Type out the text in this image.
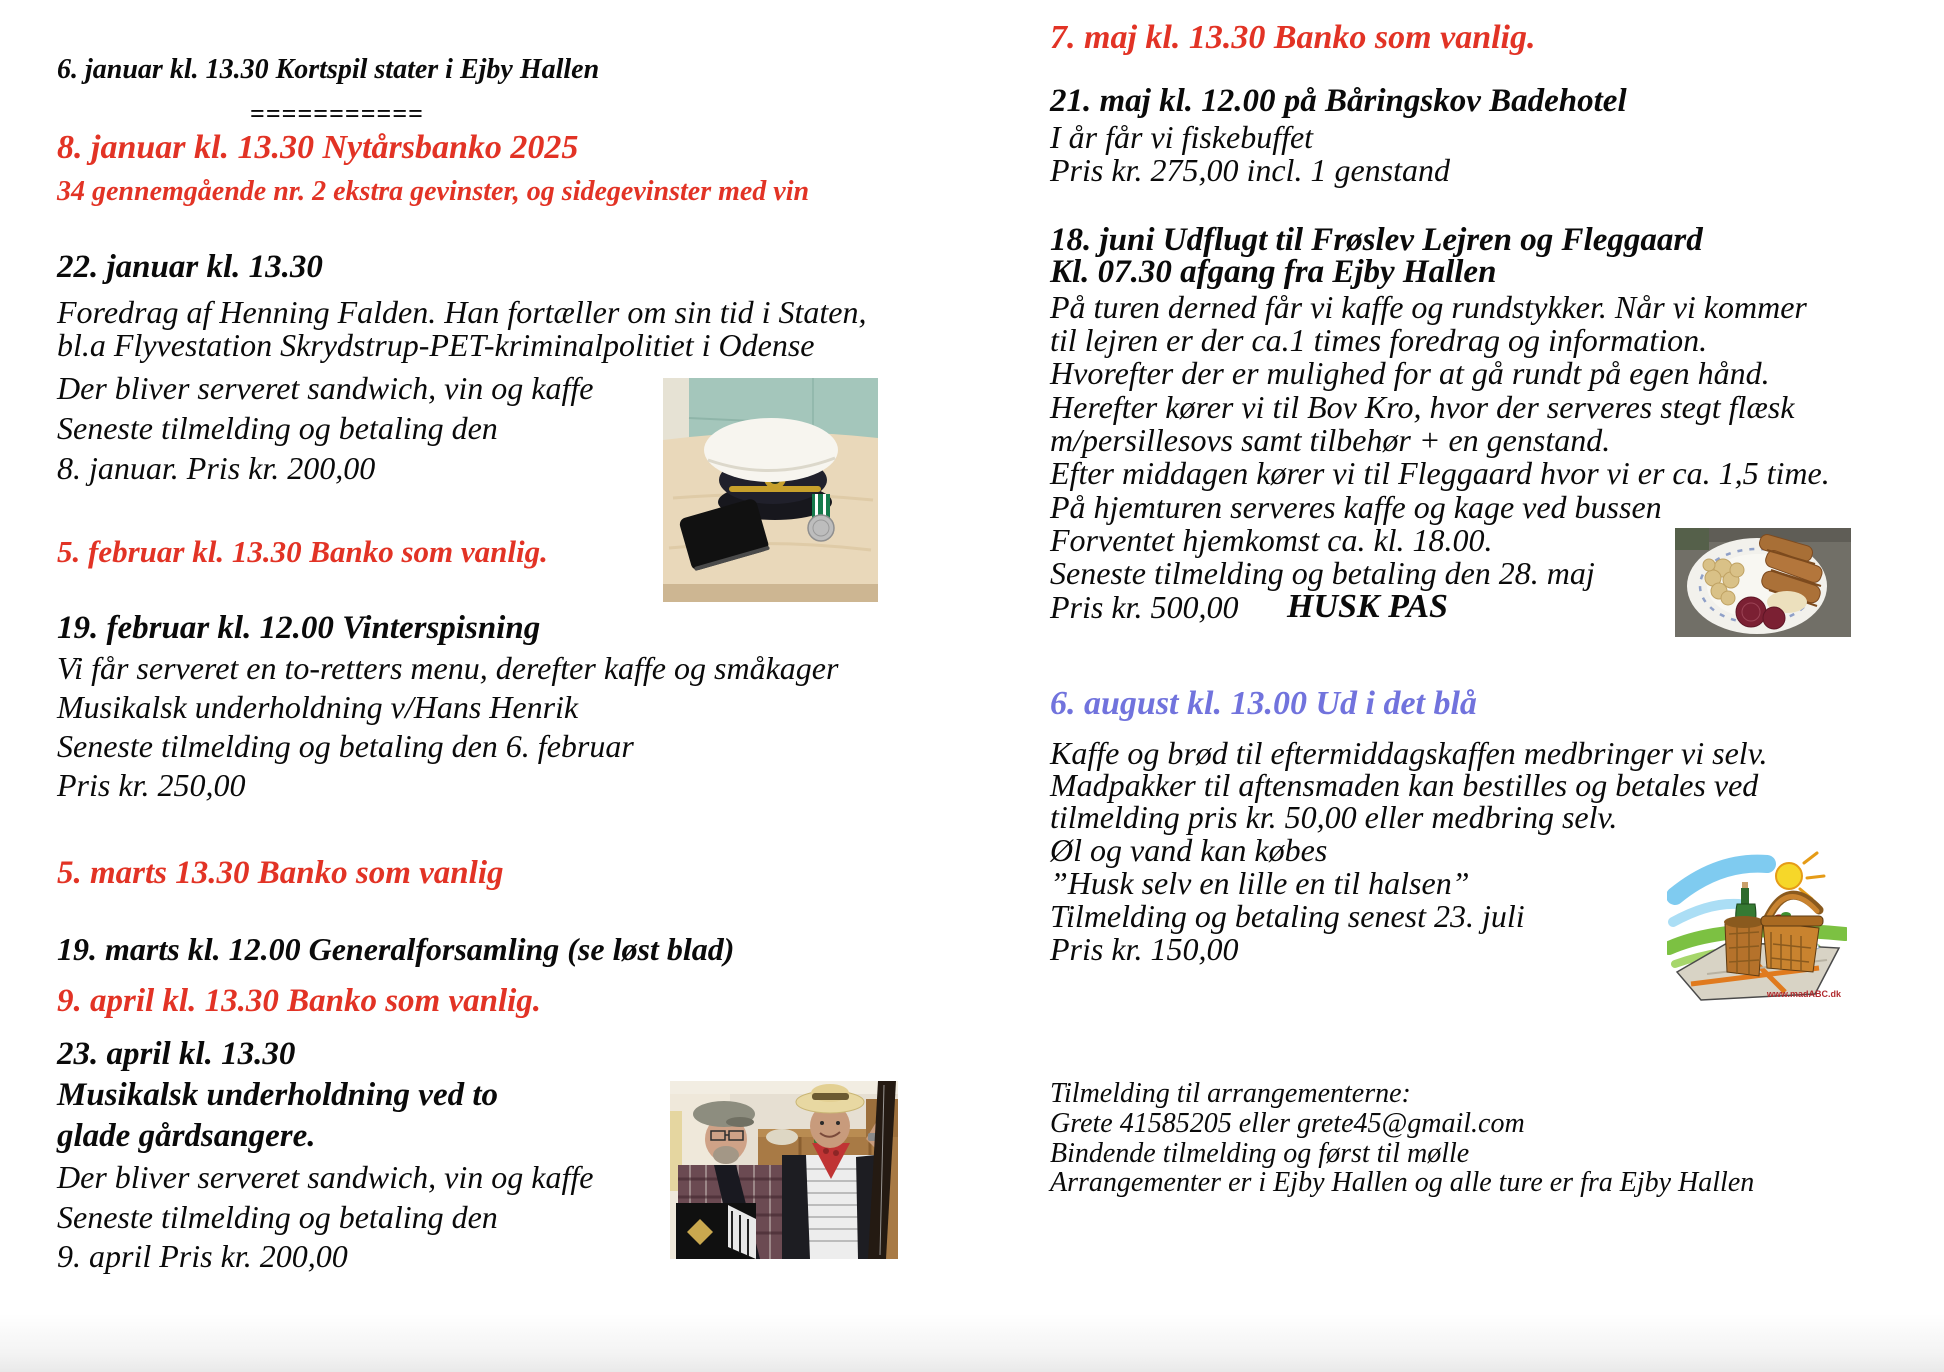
6. januar kl. 13.30 Kortspil stater i Ejby Hallen
===========
8. januar kl. 13.30 Nytårsbanko 2025
34 gennemgående nr. 2 ekstra gevinster, og sidegevinster med vin
22. januar kl. 13.30
Foredrag af Henning Falden. Han fortæller om sin tid i Staten,
bl.a Flyvestation Skrydstrup-PET-kriminalpolitiet i Odense
Der bliver serveret sandwich, vin og kaffe
Seneste tilmelding og betaling den
8. januar. Pris kr. 200,00
5. februar kl. 13.30 Banko som vanlig.
19. februar kl. 12.00 Vinterspisning
Vi får serveret en to-retters menu, derefter kaffe og småkager
Musikalsk underholdning v/Hans Henrik
Seneste tilmelding og betaling den 6. februar
Pris kr. 250,00
5. marts 13.30 Banko som vanlig
19. marts kl. 12.00 Generalforsamling (se løst blad)
9. april kl. 13.30 Banko som vanlig.
23. april kl. 13.30
Musikalsk underholdning ved to
glade gårdsangere.
Der bliver serveret sandwich, vin og kaffe
Seneste tilmelding og betaling den
9. april Pris kr. 200,00
7. maj kl. 13.30 Banko som vanlig.
21. maj kl. 12.00 på Båringskov Badehotel
I år får vi fiskebuffet
Pris kr. 275,00 incl. 1 genstand
18. juni Udflugt til Frøslev Lejren og Fleggaard
Kl. 07.30 afgang fra Ejby Hallen
På turen derned får vi kaffe og rundstykker. Når vi kommer
til lejren er der ca.1 times foredrag og information.
Hvorefter der er mulighed for at gå rundt på egen hånd.
Herefter kører vi til Bov Kro, hvor der serveres stegt flæsk
m/persillesovs samt tilbehør + en genstand.
Efter middagen kører vi til Fleggaard hvor vi er ca. 1,5 time.
På hjemturen serveres kaffe og kage ved bussen
Forventet hjemkomst ca. kl. 18.00.
Seneste tilmelding og betaling den 28. maj
Pris kr. 500,00 HUSK PAS
6. august kl. 13.00 Ud i det blå
Kaffe og brød til eftermiddagskaffen medbringer vi selv.
Madpakker til aftensmaden kan bestilles og betales ved
tilmelding pris kr. 50,00 eller medbring selv.
Øl og vand kan købes
”Husk selv en lille en til halsen”
Tilmelding og betaling senest 23. juli
Pris kr. 150,00
Tilmelding til arrangementerne:
Grete 41585205 eller grete45@gmail.com
Bindende tilmelding og først til mølle
Arrangementer er i Ejby Hallen og alle ture er fra Ejby Hallen
www.madABC.dk
